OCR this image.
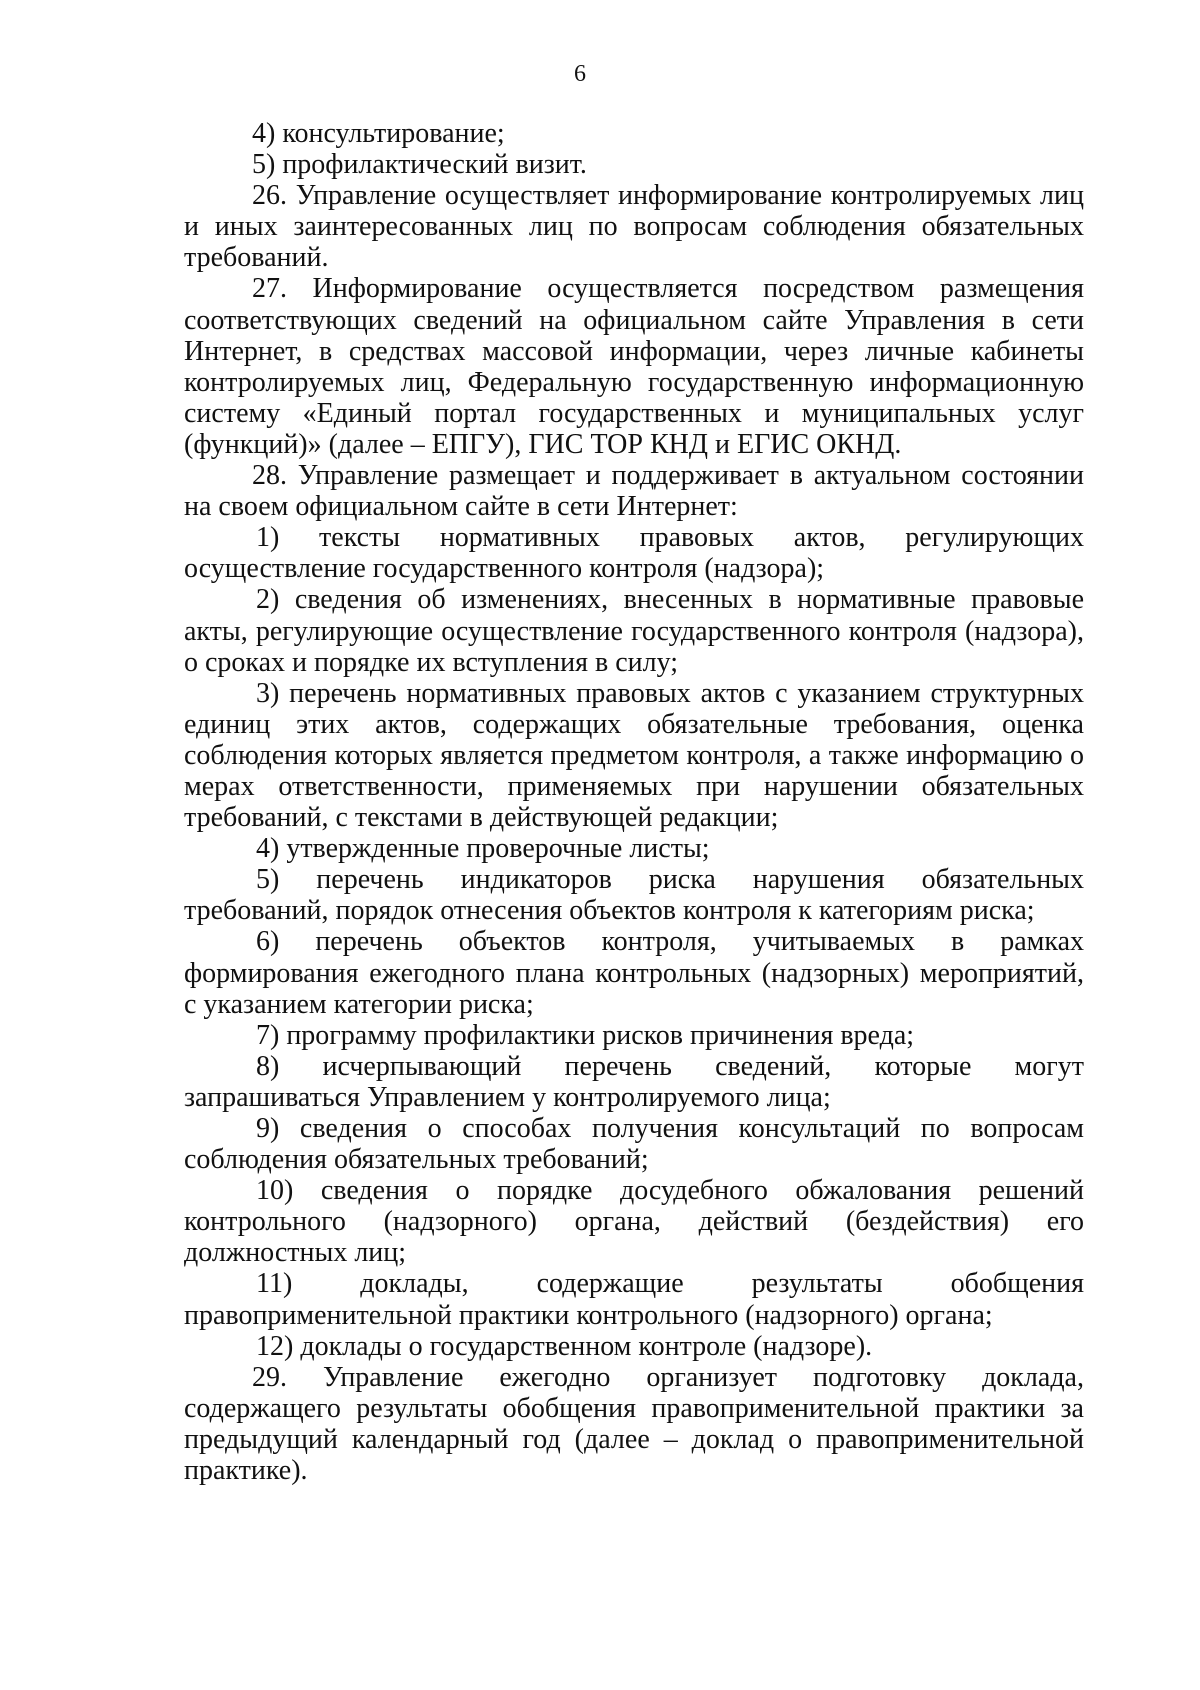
6

4) консультирование;

5) профилактический визит.

26. Управление осуществляет информирование контролируемых лиц и иных заинтересованных лиц по вопросам соблюдения обязательных требований.

27. Информирование осуществляется посредством размещения соответствующих сведений на официальном сайте Управления в сети Интернет, в средствах массовой информации, через личные кабинеты контролируемых лиц, Федеральную государственную информационную систему «Единый портал государственных и муниципальных услуг (функций)» (далее – ЕПГУ), ГИС ТОР КНД и ЕГИС ОКНД.

28. Управление размещает и поддерживает в актуальном состоянии на своем официальном сайте в сети Интернет:

1) тексты нормативных правовых актов, регулирующих осуществление государственного контроля (надзора);

2) сведения об изменениях, внесенных в нормативные правовые акты, регулирующие осуществление государственного контроля (надзора), о сроках и порядке их вступления в силу;

3) перечень нормативных правовых актов с указанием структурных единиц этих актов, содержащих обязательные требования, оценка соблюдения которых является предметом контроля, а также информацию о мерах ответственности, применяемых при нарушении обязательных требований, с текстами в действующей редакции;

4) утвержденные проверочные листы;

5) перечень индикаторов риска нарушения обязательных требований, порядок отнесения объектов контроля к категориям риска;

6) перечень объектов контроля, учитываемых в рамках формирования ежегодного плана контрольных (надзорных) мероприятий, с указанием категории риска;

7) программу профилактики рисков причинения вреда;

8) исчерпывающий перечень сведений, которые могут запрашиваться Управлением у контролируемого лица;

9) сведения о способах получения консультаций по вопросам соблюдения обязательных требований;

10) сведения о порядке досудебного обжалования решений контрольного (надзорного) органа, действий (бездействия) его должностных лиц;

11) доклады, содержащие результаты обобщения правоприменительной практики контрольного (надзорного) органа;

12) доклады о государственном контроле (надзоре).

29. Управление ежегодно организует подготовку доклада, содержащего результаты обобщения правоприменительной практики за предыдущий календарный год (далее – доклад о правоприменительной практике).
